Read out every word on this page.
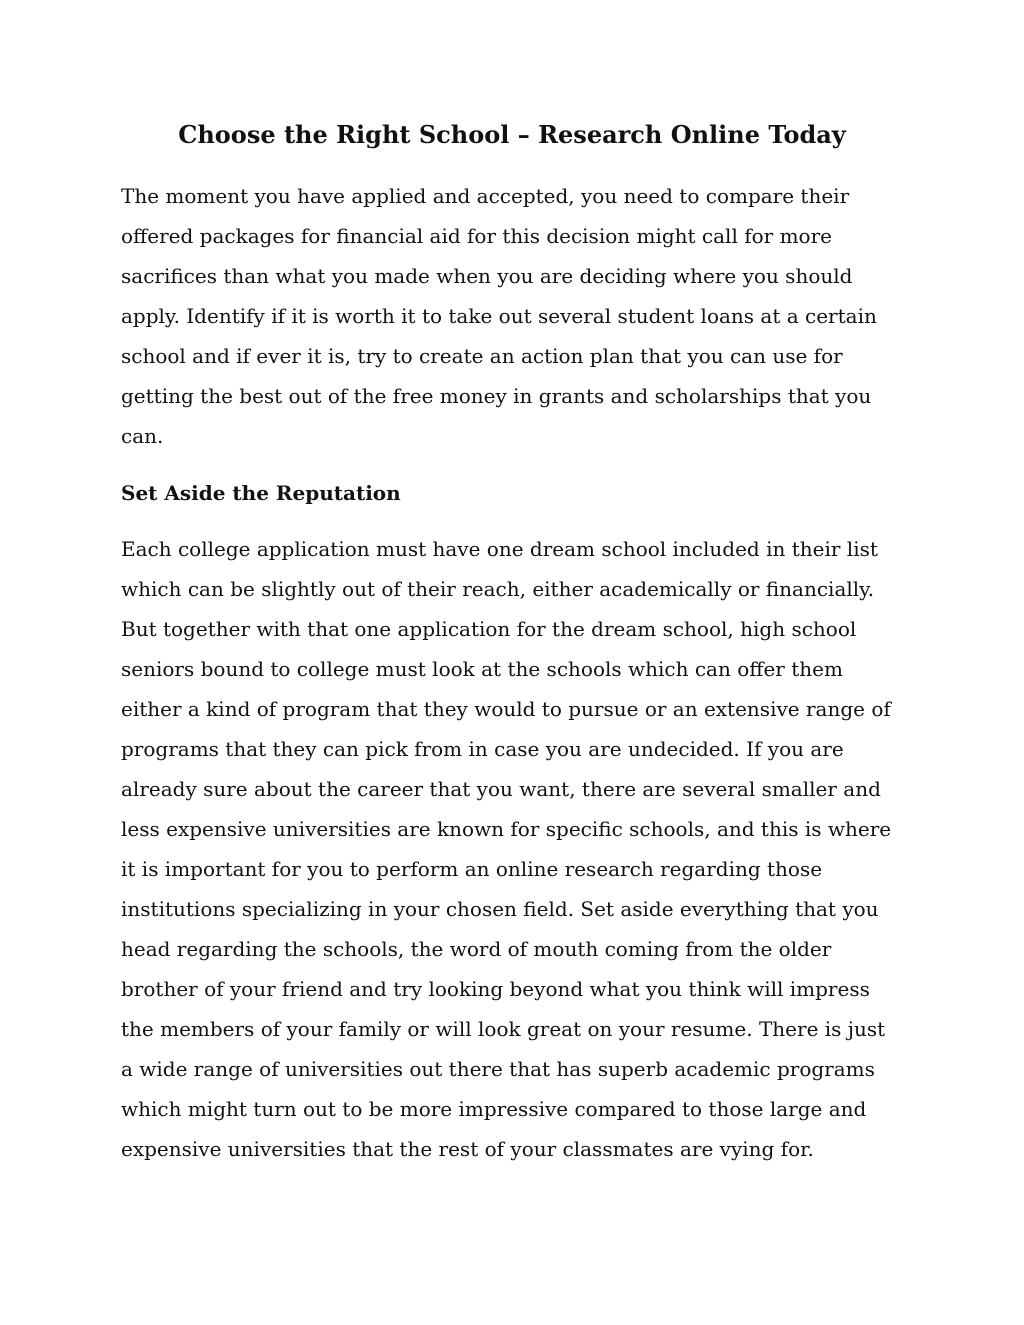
Choose the Right School – Research Online Today

The moment you have applied and accepted, you need to compare their
offered packages for financial aid for this decision might call for more
sacrifices than what you made when you are deciding where you should
apply. Identify if it is worth it to take out several student loans at a certain
school and if ever it is, try to create an action plan that you can use for
getting the best out of the free money in grants and scholarships that you
can.

Set Aside the Reputation

Each college application must have one dream school included in their list
which can be slightly out of their reach, either academically or financially.
But together with that one application for the dream school, high school
seniors bound to college must look at the schools which can offer them
either a kind of program that they would to pursue or an extensive range of
programs that they can pick from in case you are undecided. If you are
already sure about the career that you want, there are several smaller and
less expensive universities are known for specific schools, and this is where
it is important for you to perform an online research regarding those
institutions specializing in your chosen field. Set aside everything that you
head regarding the schools, the word of mouth coming from the older
brother of your friend and try looking beyond what you think will impress
the members of your family or will look great on your resume. There is just
a wide range of universities out there that has superb academic programs
which might turn out to be more impressive compared to those large and
expensive universities that the rest of your classmates are vying for.
